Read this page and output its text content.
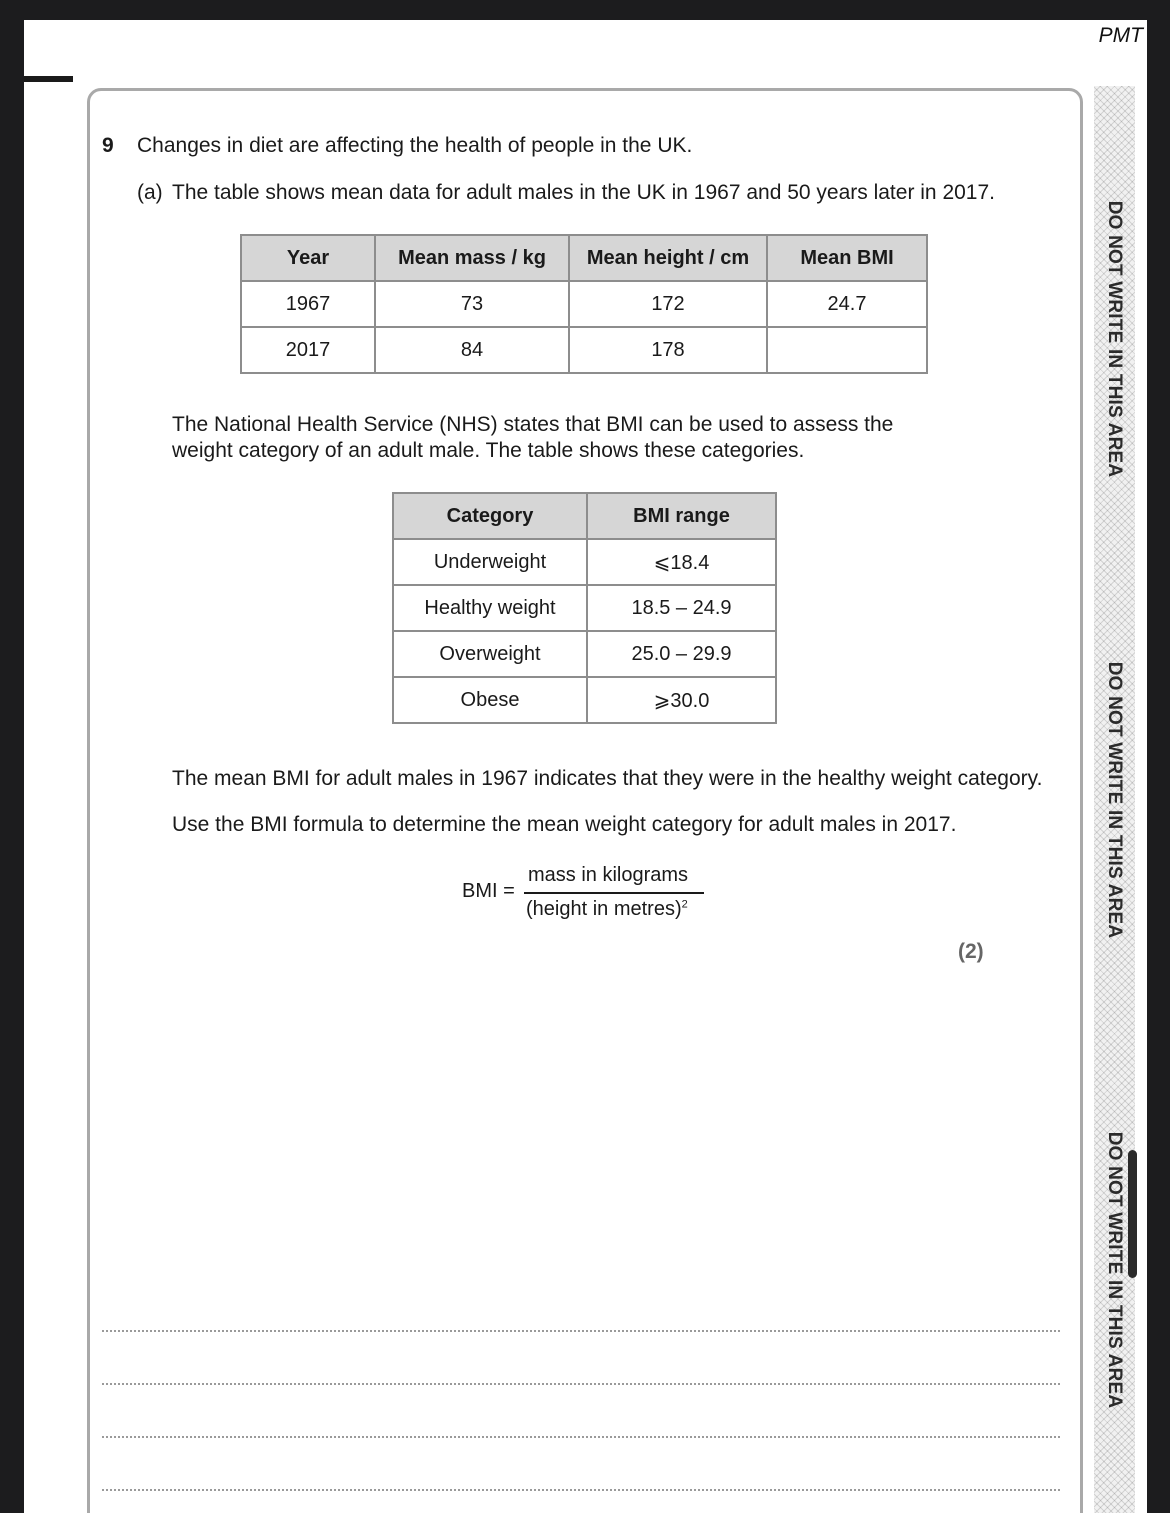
PMT
DO NOT WRITE IN THIS AREA
DO NOT WRITE IN THIS AREA
DO NOT WRITE IN THIS AREA
9 Changes in diet are affecting the health of people in the UK.
(a) The table shows mean data for adult males in the UK in 1967 and 50 years later in 2017.
Year	Mean mass / kg	Mean height / cm	Mean BMI
1967	73	172	24.7
2017	84	178	
The National Health Service (NHS) states that BMI can be used to assess the
weight category of an adult male. The table shows these categories.
Category	BMI range
Underweight	⩽18.4
Healthy weight	18.5 – 24.9
Overweight	25.0 – 29.9
Obese	⩾30.0
The mean BMI for adult males in 1967 indicates that they were in the healthy weight category.
Use the BMI formula to determine the mean weight category for adult males in 2017.
BMI =
mass in kilograms
(height in metres)$^2$
(2)
